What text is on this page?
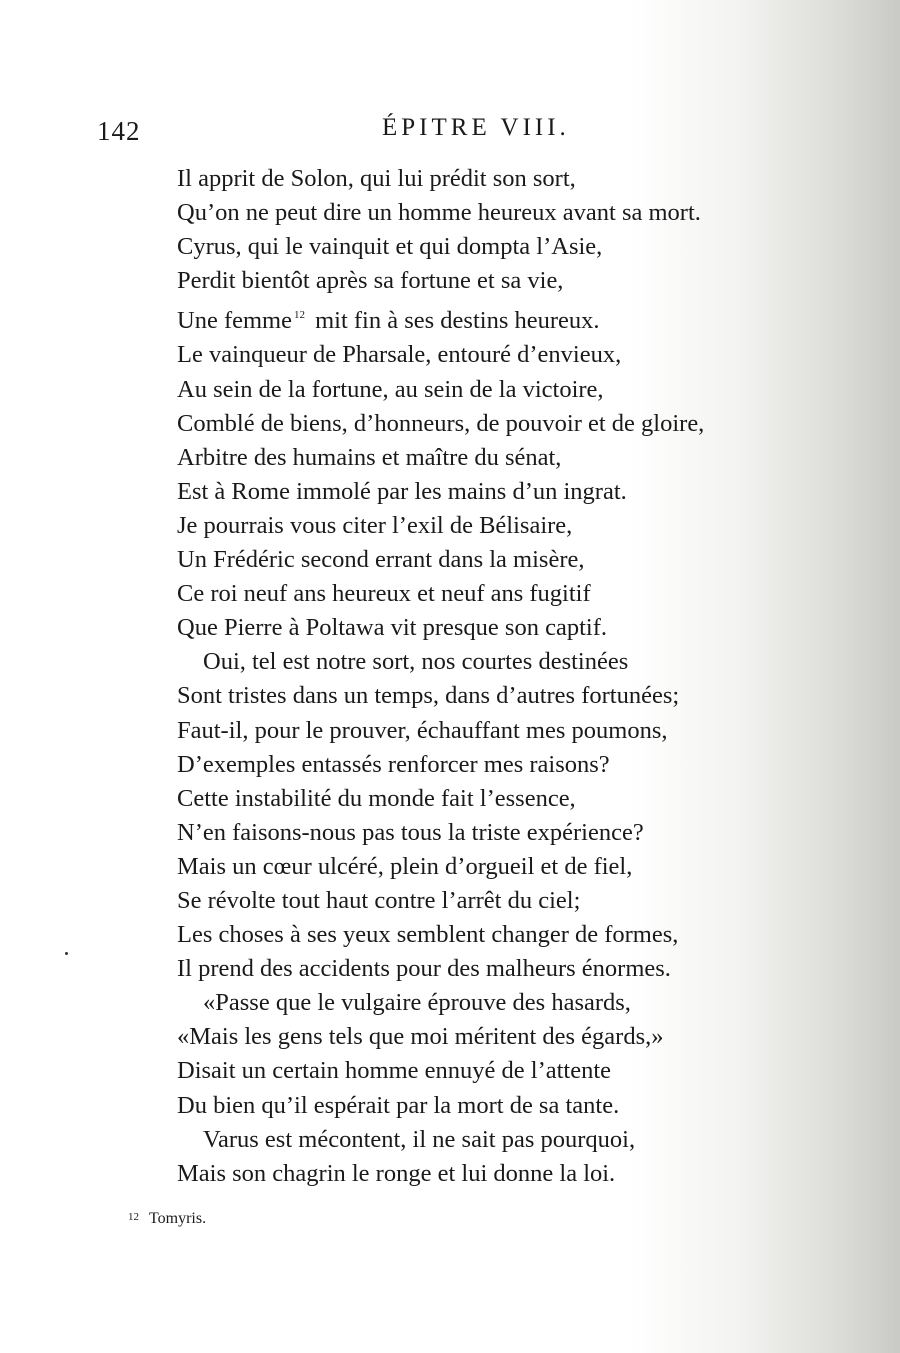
142	ÉPITRE VIII.
Il apprit de Solon, qui lui prédit son sort,
Qu’on ne peut dire un homme heureux avant sa mort.
Cyrus, qui le vainquit et qui dompta l’Asie,
Perdit bientôt après sa fortune et sa vie,
Une femme $^{12}$ mit fin à ses destins heureux.
Le vainqueur de Pharsale, entouré d’envieux,
Au sein de la fortune, au sein de la victoire,
Comblé de biens, d’honneurs, de pouvoir et de gloire,
Arbitre des humains et maître du sénat,
Est à Rome immolé par les mains d’un ingrat.
Je pourrais vous citer l’exil de Bélisaire,
Un Frédéric second errant dans la misère,
Ce roi neuf ans heureux et neuf ans fugitif
Que Pierre à Poltawa vit presque son captif.
Oui, tel est notre sort, nos courtes destinées
Sont tristes dans un temps, dans d’autres fortunées;
Faut-il, pour le prouver, échauffant mes poumons,
D’exemples entassés renforcer mes raisons?
Cette instabilité du monde fait l’essence,
N’en faisons-nous pas tous la triste expérience?
Mais un cœur ulcéré, plein d’orgueil et de fiel,
Se révolte tout haut contre l’arrêt du ciel;
Les choses à ses yeux semblent changer de formes,
Il prend des accidents pour des malheurs énormes.
«Passe que le vulgaire éprouve des hasards,
«Mais les gens tels que moi méritent des égards,»
Disait un certain homme ennuyé de l’attente
Du bien qu’il espérait par la mort de sa tante.
Varus est mécontent, il ne sait pas pourquoi,
Mais son chagrin le ronge et lui donne la loi.
$^{12}$ Tomyris.
